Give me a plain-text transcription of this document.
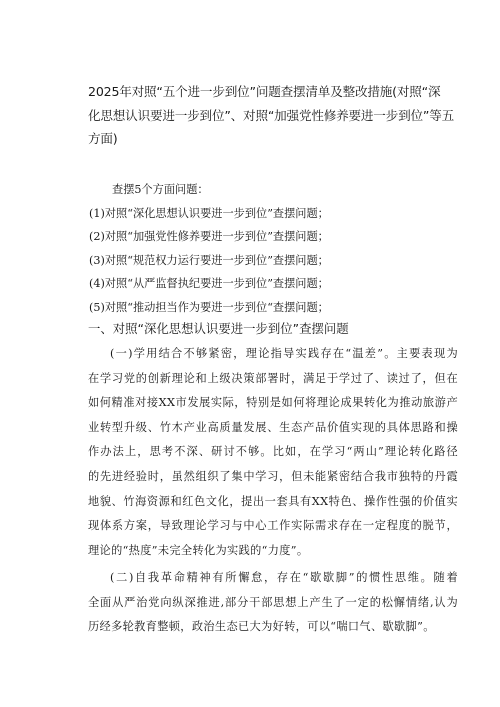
2025年对照“五个进一步到位”问题查摆清单及整改措施(对照“深
化思想认识要进一步到位”、对照“加强党性修养要进一步到位”等五
方面)
查摆5个方面问题：
(1)对照“深化思想认识要进一步到位”查摆问题；
(2)对照“加强党性修养要进一步到位”查摆问题；
(3)对照“规范权力运行要进一步到位”查摆问题；
(4)对照“从严监督执纪要进一步到位”查摆问题；
(5)对照“推动担当作为要进一步到位“查摆问题；
一、对照“深化思想认识要进一步到位”查摆问题
(一)学用结合不够紧密，理论指导实践存在“温差”。主要表现为
在学习党的创新理论和上级决策部署时，满足于学过了、读过了，但在
如何精准对接XX市发展实际，特别是如何将理论成果转化为推动旅游产
业转型升级、竹木产业高质量发展、生态产品价值实现的具体思路和操
作办法上，思考不深、研讨不够。比如，在学习“两山”理论转化路径
的先进经验时，虽然组织了集中学习，但未能紧密结合我市独特的丹霞
地貌、竹海资源和红色文化，提出一套具有XX特色、操作性强的价值实
现体系方案，导致理论学习与中心工作实际需求存在一定程度的脱节，
理论的“热度”未完全转化为实践的“力度”。
(二)自我革命精神有所懈怠，存在“歇歇脚”的惯性思维。随着
全面从严治党向纵深推进,部分干部思想上产生了一定的松懈情绪,认为
历经多轮教育整顿，政治生态已大为好转，可以“喘口气、歇歇脚”。
